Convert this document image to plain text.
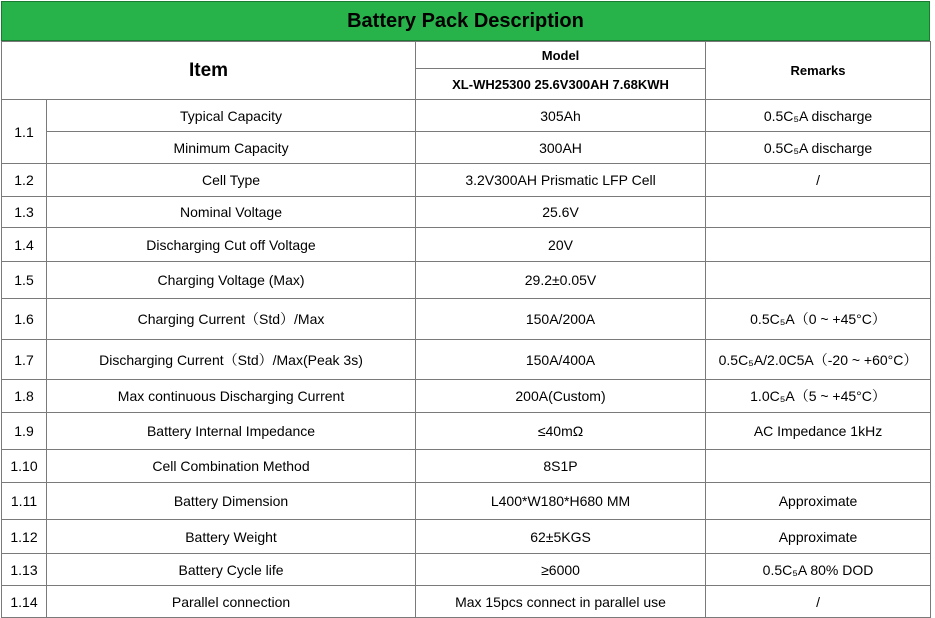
Battery Pack Description
Item		Model	Remarks
		XL-WH25300 25.6V300AH 7.68KWH	
1.1	Typical Capacity	305Ah	0.5C₅A discharge
	Minimum Capacity	300AH	0.5C₅A discharge
1.2	Cell Type	3.2V300AH Prismatic LFP Cell	/
1.3	Nominal Voltage	25.6V	
1.4	Discharging Cut off Voltage	20V	
1.5	Charging Voltage (Max)	29.2±0.05V	
1.6	Charging Current（Std）/Max	150A/200A	0.5C₅A（0 ~ +45°C）
1.7	Discharging Current（Std）/Max(Peak 3s)	150A/400A	0.5C₅A/2.0C5A（-20 ~ +60°C）
1.8	Max continuous Discharging Current	200A(Custom)	1.0C₅A（5 ~ +45°C）
1.9	Battery Internal Impedance	≤40mΩ	AC Impedance 1kHz
1.10	Cell Combination Method	8S1P	
1.11	Battery Dimension	L400*W180*H680 MM	Approximate
1.12	Battery Weight	62±5KGS	Approximate
1.13	Battery Cycle life	≥6000	0.5C₅A 80% DOD
1.14	Parallel connection	Max 15pcs connect in parallel use	/
